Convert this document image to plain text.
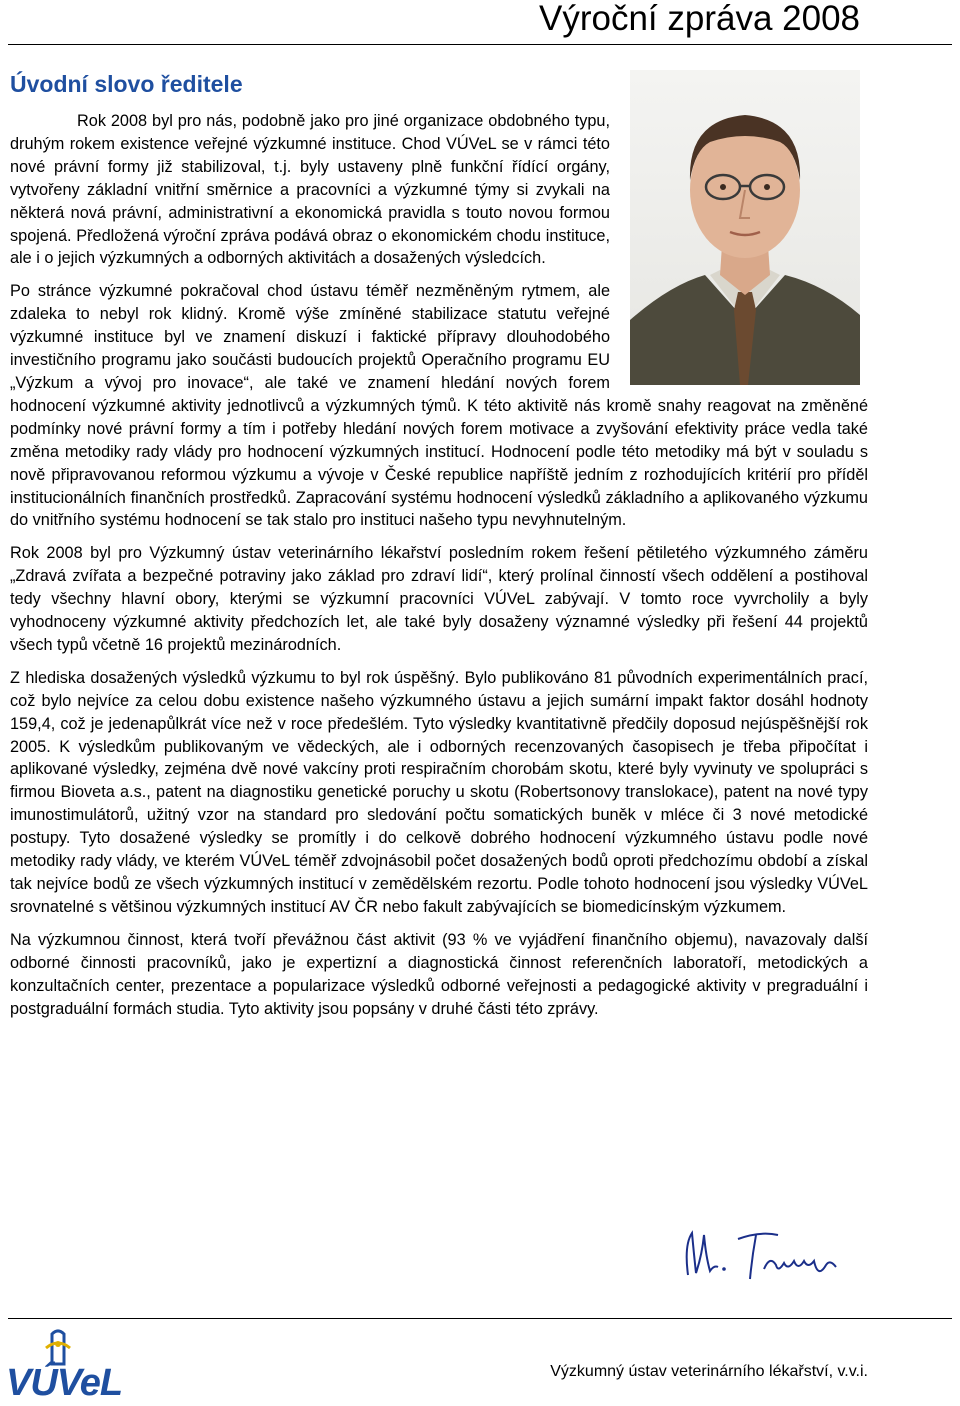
Výroční zpráva 2008
Úvodní slovo ředitele

Rok 2008 byl pro nás, podobně jako pro jiné organizace obdobného typu, druhým rokem existence veřejné výzkumné instituce. Chod VÚVeL se v rámci této nové právní formy již stabilizoval, t.j. byly ustaveny plně funkční řídící orgány, vytvořeny základní vnitřní směrnice a pracovníci a výzkumné týmy si zvykali na některá nová právní, administrativní a ekonomická pravidla s touto novou formou spojená. Předložená výroční zpráva podává obraz o ekonomickém chodu instituce, ale i o jejich výzkumných a odborných aktivitách a dosažených výsledcích.

Po stránce výzkumné pokračoval chod ústavu téměř nezměněným rytmem, ale zdaleka to nebyl rok klidný. Kromě výše zmíněné stabilizace statutu veřejné výzkumné instituce byl ve znamení diskuzí i faktické přípravy dlouhodobého investičního programu jako součásti budoucích projektů Operačního programu EU „Výzkum a vývoj pro inovace“, ale také ve znamení hledání nových forem hodnocení výzkumné aktivity jednotlivců a výzkumných týmů. K této aktivitě nás kromě snahy reagovat na změněné podmínky nové právní formy a tím i potřeby hledání nových forem motivace a zvyšování efektivity práce vedla také změna metodiky rady vlády pro hodnocení výzkumných institucí. Hodnocení podle této metodiky má být v souladu s nově připravovanou reformou výzkumu a vývoje v České republice napříště jedním z rozhodujících kritérií pro příděl institucionálních finančních prostředků. Zapracování systému hodnocení výsledků základního a aplikovaného výzkumu do vnitřního systému hodnocení se tak stalo pro instituci našeho typu nevyhnutelným.

Rok 2008 byl pro Výzkumný ústav veterinárního lékařství posledním rokem řešení pětiletého výzkumného záměru „Zdravá zvířata a bezpečné potraviny jako základ pro zdraví lidí“, který prolínal činností všech oddělení a postihoval tedy všechny hlavní obory, kterými se výzkumní pracovníci VÚVeL zabývají. V tomto roce vyvrcholily a byly vyhodnoceny výzkumné aktivity předchozích let, ale také byly dosaženy významné výsledky při řešení 44 projektů všech typů včetně 16 projektů mezinárodních.

Z hlediska dosažených výsledků výzkumu to byl rok úspěšný. Bylo publikováno 81 původních experimentálních prací, což bylo nejvíce za celou dobu existence našeho výzkumného ústavu a jejich sumární impakt faktor dosáhl hodnoty 159,4, což je jedenapůlkrát více než v roce předešlém. Tyto výsledky kvantitativně předčily doposud nejúspěšnější rok 2005. K výsledkům publikovaným ve vědeckých, ale i odborných recenzovaných časopisech je třeba připočítat i aplikované výsledky, zejména dvě nové vakcíny proti respiračním chorobám skotu, které byly vyvinuty ve spolupráci s firmou Bioveta a.s., patent na diagnostiku genetické poruchy u skotu (Robertsonovy translokace), patent na nové typy imunostimulátorů, užitný vzor na standard pro sledování počtu somatických buněk v mléce či 3 nové metodické postupy. Tyto dosažené výsledky se promítly i do celkově dobrého hodnocení výzkumného ústavu podle nové metodiky rady vlády, ve kterém VÚVeL téměř zdvojnásobil počet dosažených bodů oproti předchozímu období a získal tak nejvíce bodů ze všech výzkumných institucí v zemědělském rezortu. Podle tohoto hodnocení jsou výsledky VÚVeL srovnatelné s většinou výzkumných institucí AV ČR nebo fakult zabývajících se biomedicínským výzkumem.

Na výzkumnou činnost, která tvoří převážnou část aktivit (93 % ve vyjádření finančního objemu), navazovaly další odborné činnosti pracovníků, jako je expertizní a diagnostická činnost referenčních laboratoří, metodických a konzultačních center, prezentace a popularizace výsledků odborné veřejnosti a pedagogické aktivity v pregraduální i postgraduální formách studia. Tyto aktivity jsou popsány v druhé části této zprávy.

VÚVeL	Výzkumný ústav veterinárního lékařství, v.v.i.
